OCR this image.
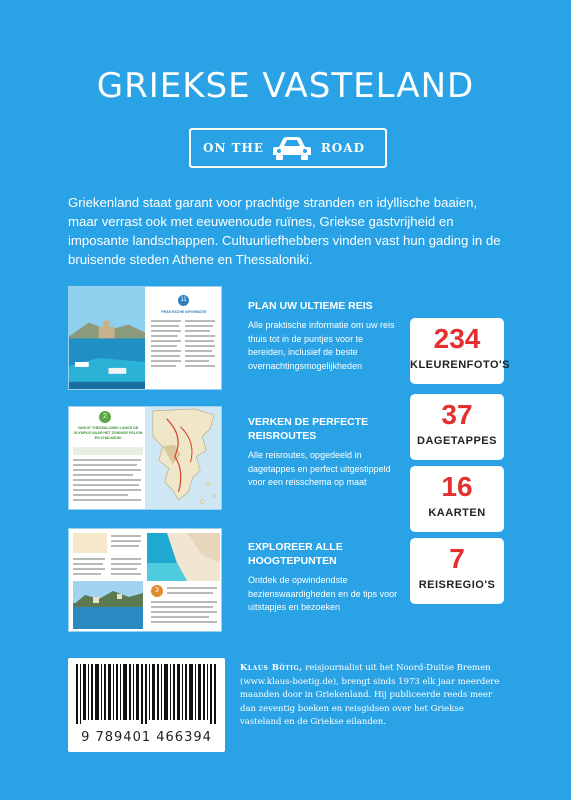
GRIEKSE VASTELAND
ON THE	ROAD
Griekenland staat garant voor prachtige stranden en idyllische baaien, maar verrast ook met eeuwenoude ruïnes, Griekse gastvrijheid en imposante landschappen. Cultuurliefhebbers vinden vast hun gading in de bruisende steden Athene en Thessaloniki.
11
PRAKTISCHE INFORMATIE
2
VANUIT THESSALONIKI LANGS DE OLYMPUS NAAR HET ZONNIGE PELION EN CHALKIDIKI
3
PLAN UW ULTIEME REIS

Alle praktische informatie om uw reis thuis tot in de puntjes voor te bereiden, inclusief de beste overnachtingsmogelijkheden

VERKEN DE PERFECTE REISROUTES

Alle reisroutes, opgedeeld in dagetappes en perfect uitgestippeld voor een reisschema op maat

EXPLOREER ALLE HOOGTEPUNTEN

Ontdek de opwindendste bezienswaardigheden en de tips voor uitstapjes en bezoeken

234
KLEURENFOTO'S
37
DAGETAPPES
16
KAARTEN
7
REISREGIO'S
9 789401 466394
Klaus Bötig, reisjournalist uit het Noord-Duitse Bremen (www.klaus-boetig.de), brengt sinds 1973 elk jaar meerdere maanden door in Griekenland. Hij publiceerde reeds meer dan zeventig boeken en reisgidsen over het Griekse vasteland en de Griekse eilanden.
